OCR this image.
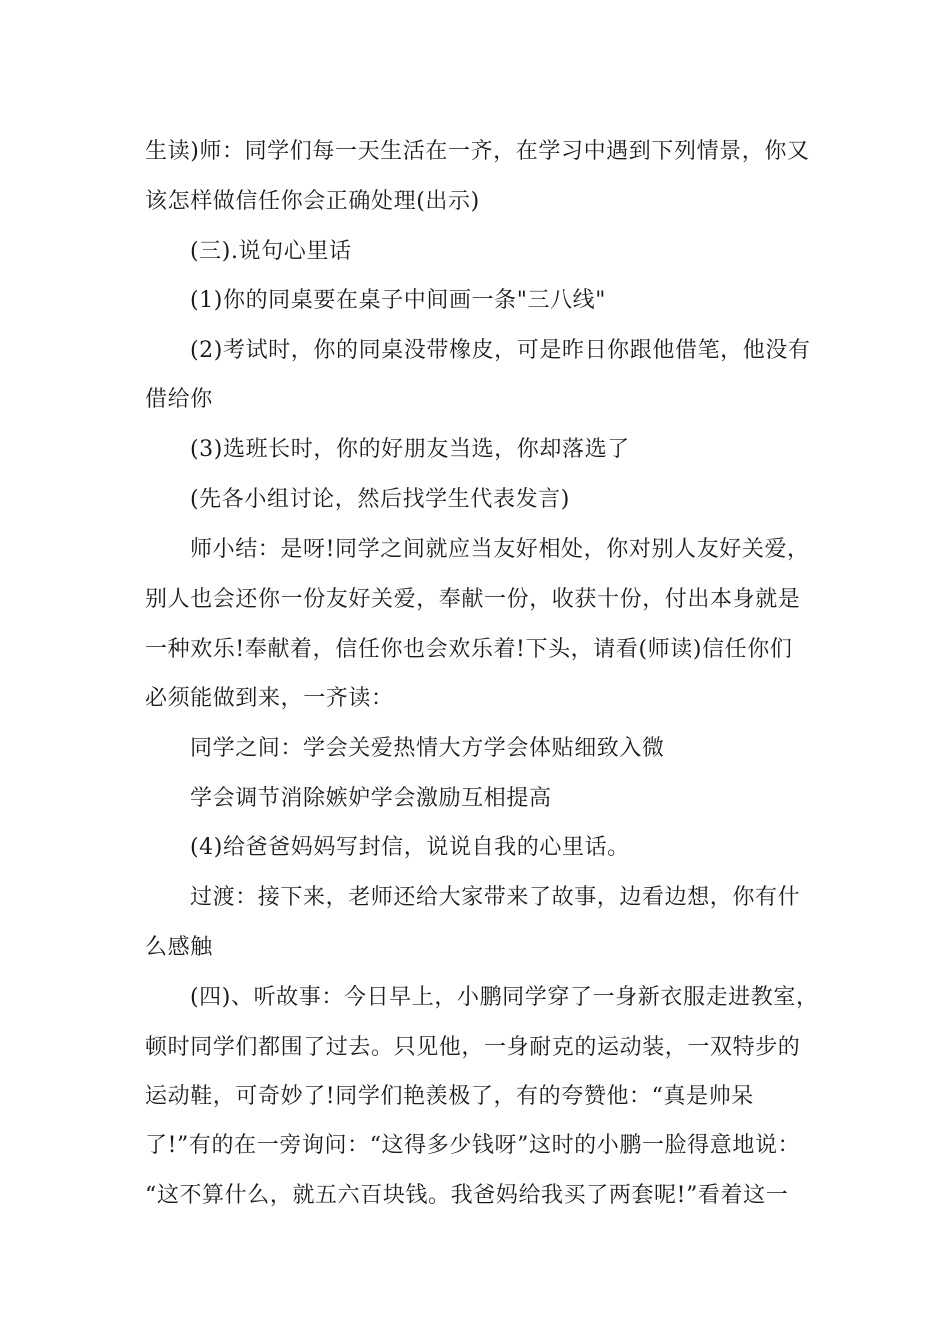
生读)师：同学们每一天生活在一齐，在学习中遇到下列情景，你又
该怎样做信任你会正确处理(出示)
(三).说句心里话
(1)你的同桌要在桌子中间画一条"三八线"
(2)考试时，你的同桌没带橡皮，可是昨日你跟他借笔，他没有
借给你
(3)选班长时，你的好朋友当选，你却落选了
(先各小组讨论，然后找学生代表发言)
师小结：是呀!同学之间就应当友好相处，你对别人友好关爱，
别人也会还你一份友好关爱，奉献一份，收获十份，付出本身就是
一种欢乐!奉献着，信任你也会欢乐着!下头，请看(师读)信任你们
必须能做到来，一齐读：
同学之间：学会关爱热情大方学会体贴细致入微
学会调节消除嫉妒学会激励互相提高
(4)给爸爸妈妈写封信，说说自我的心里话。
过渡：接下来，老师还给大家带来了故事，边看边想，你有什
么感触
(四)、听故事：今日早上，小鹏同学穿了一身新衣服走进教室，
顿时同学们都围了过去。只见他，一身耐克的运动装，一双特步的
运动鞋，可奇妙了!同学们艳羡极了，有的夸赞他：“真是帅呆
了!”有的在一旁询问：“这得多少钱呀”这时的小鹏一脸得意地说：
“这不算什么，就五六百块钱。我爸妈给我买了两套呢!”看着这一
